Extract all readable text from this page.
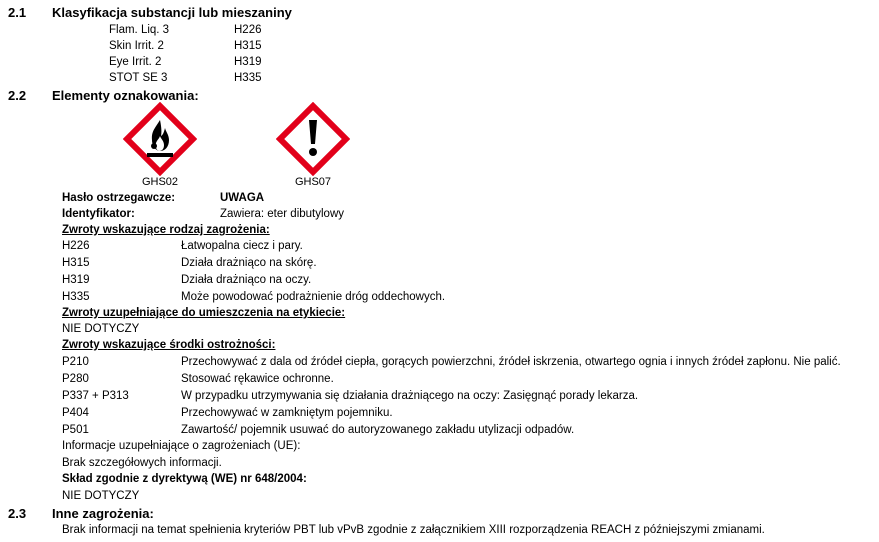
2.1 Klasyfikacja substancji lub mieszaniny
Flam. Liq. 3	H226
Skin Irrit. 2	H315
Eye Irrit. 2	H319
STOT SE 3	H335
2.2 Elementy oznakowania:
GHS02	GHS07
Hasło ostrzegawcze:	UWAGA
Identyfikator:	Zawiera: eter dibutylowy
Zwroty wskazujące rodzaj zagrożenia:
H226	Łatwopalna ciecz i pary.
H315	Działa drażniąco na skórę.
H319	Działa drażniąco na oczy.
H335	Może powodować podrażnienie dróg oddechowych.
Zwroty uzupełniające do umieszczenia na etykiecie:
NIE DOTYCZY
Zwroty wskazujące środki ostrożności:
P210	Przechowywać z dala od źródeł ciepła, gorących powierzchni, źródeł iskrzenia, otwartego ognia i innych źródeł zapłonu. Nie palić.
P280	Stosować rękawice ochronne.
P337 + P313	W przypadku utrzymywania się działania drażniącego na oczy: Zasięgnąć porady lekarza.
P404	Przechowywać w zamkniętym pojemniku.
P501	Zawartość/ pojemnik usuwać do autoryzowanego zakładu utylizacji odpadów.
Informacje uzupełniające o zagrożeniach (UE):
Brak szczegółowych informacji.
Skład zgodnie z dyrektywą (WE) nr 648/2004:
NIE DOTYCZY
2.3 Inne zagrożenia:
Brak informacji na temat spełnienia kryteriów PBT lub vPvB zgodnie z załącznikiem XIII rozporządzenia REACH z późniejszymi zmianami.
